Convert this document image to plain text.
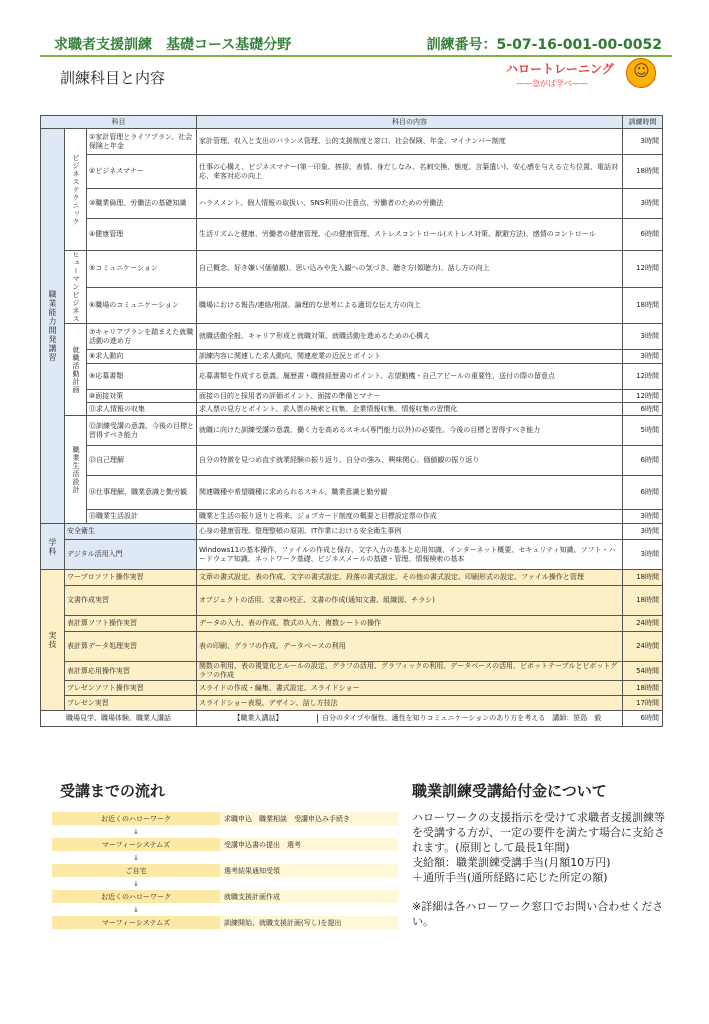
求職者支援訓練　基礎コース基礎分野	訓練番号：5-07-16-001-00-0052
訓練科目と内容	ハロートレーニング
——急がば学べ——
☺
科目			科目の内容	訓練時間
職業能力開発講習	ビジネステクニック	①家計管理とライフプラン、社会保険と年金	家計管理、収入と支出のバランス管理、公的支援制度と窓口、社会保険、年金、マイナンバー制度	3時間
		②ビジネスマナー	仕事の心構え、ビジネスマナー(第一印象、挨拶、表情、身だしなみ、名刺交換、態度、言葉遣い)、安心感を与える立ち位置、電話対応、来客対応の向上	18時間
		③職業倫理、労働法の基礎知識	ハラスメント、個人情報の取扱い、SNS利用の注意点、労働者のための労働法	3時間
		④健康管理	生活リズムと健康、労働者の健康管理、心の健康管理、ストレスコントロール(ストレス対策、厭避方法)、感情のコントロール	6時間
	ヒューマンビジネス	⑤コミュニケーション	自己概念、好き嫌い(価値観)、思い込みや先入観への気づき、聴き方(傾聴力)、話し方の向上	12時間
		⑥職場のコミュニケーション	職場における報告/連絡/相談、論理的な思考による適切な伝え方の向上	18時間
	就職活動計画	⑦キャリアプランを踏まえた就職活動の進め方	就職活動全般、キャリア形成と就職対策、就職活動を進めるための心構え	3時間
		⑧求人動向	訓練内容に関連した求人動向、関連産業の近況とポイント	3時間
		⑨応募書類	応募書類を作成する意義、履歴書・職務経歴書のポイント、志望動機・自己アピールの重要性、送付の際の留意点	12時間
		⑩面接対策	面接の目的と採用者の評価ポイント、面接の準備とマナー	12時間
		⑪求人情報の収集	求人票の見方とポイント、求人票の検索と収集、企業情報収集、情報収集の習慣化	6時間
	職業生活設計	⑫訓練受講の意義、今後の目標と習得すべき能力	就職に向けた訓練受講の意義、働く力を高めるスキル(専門能力以外)の必要性、今後の目標と習得すべき能力	5時間
		⑬自己理解	自分の特徴を見つめ直す就業経験の振り返り、自分の強み、興味関心、価値観の振り返り	6時間
		⑭仕事理解、職業意識と勤労観	関連職種や希望職種に求められるスキル、職業意識と勤労観	6時間
		⑮職業生活設計	職業と生活の振り返りと将来、ジョブカード制度の概要と目標設定票の作成	3時間
学科	安全衛生		心身の健康管理、整理整頓の原則、IT作業における安全衛生事例	3時間
	デジタル活用入門		Windows11の基本操作、ファイルの作成と保存、文字入力の基本と応用知識、インターネット概要、セキュリティ知識、ソフト・ハードウェア知識、ネットワーク基礎、ビジネスメールの基礎・管理、情報検索の基本	3時間
実技	ワープロソフト操作実習		文章の書式設定、表の作成、文字の書式設定、段落の書式設定、その他の書式設定、印刷形式の設定、ファイル操作と管理	18時間
	文書作成実習		オブジェクトの活用、文書の校正、文書の作成(通知文書、組織図、チラシ)	18時間
	表計算ソフト操作実習		データの入力、表の作成、数式の入力、複数シートの操作	24時間
	表計算データ処理実習		表の印刷、グラフの作成、データベースの利用	24時間
	表計算応用操作実習		関数の利用、表の視覚化とルールの設定、グラフの活用、グラフィックの利用、データベースの活用、ピボットテーブルとピボットグラフの作成	54時間
	プレゼンソフト操作実習		スライドの作成・編集、書式設定、スライドショー	18時間
	プレゼン実習		スライドショー表現、デザイン、話し方技法	17時間
職場見学、職場体験、職業人講話			【職業人講話】 自分のタイプや個性、適性を知りコミュニケーションのあり方を考える　講師：笹島　毅	6時間
受講までの流れ	職業訓練受講給付金について
お近くのハローワーク	求職申込　職業相談　受講申込み手続き
↓	
マーフィーシステムズ	受講申込書の提出　選考
↓	
ご自宅	選考結果通知受領
↓	
お近くのハローワーク	就職支援計画作成
↓	
マーフィーシステムズ	訓練開始、就職支援計画(写し)を提出

ハローワークの支援指示を受けて求職者支援訓練等を受講する方が、一定の要件を満たす場合に支給されます。(原則として最長1年間)

支給額：職業訓練受講手当(月額10万円)

＋通所手当(通所経路に応じた所定の額)

※詳細は各ハローワーク窓口でお問い合わせください。
